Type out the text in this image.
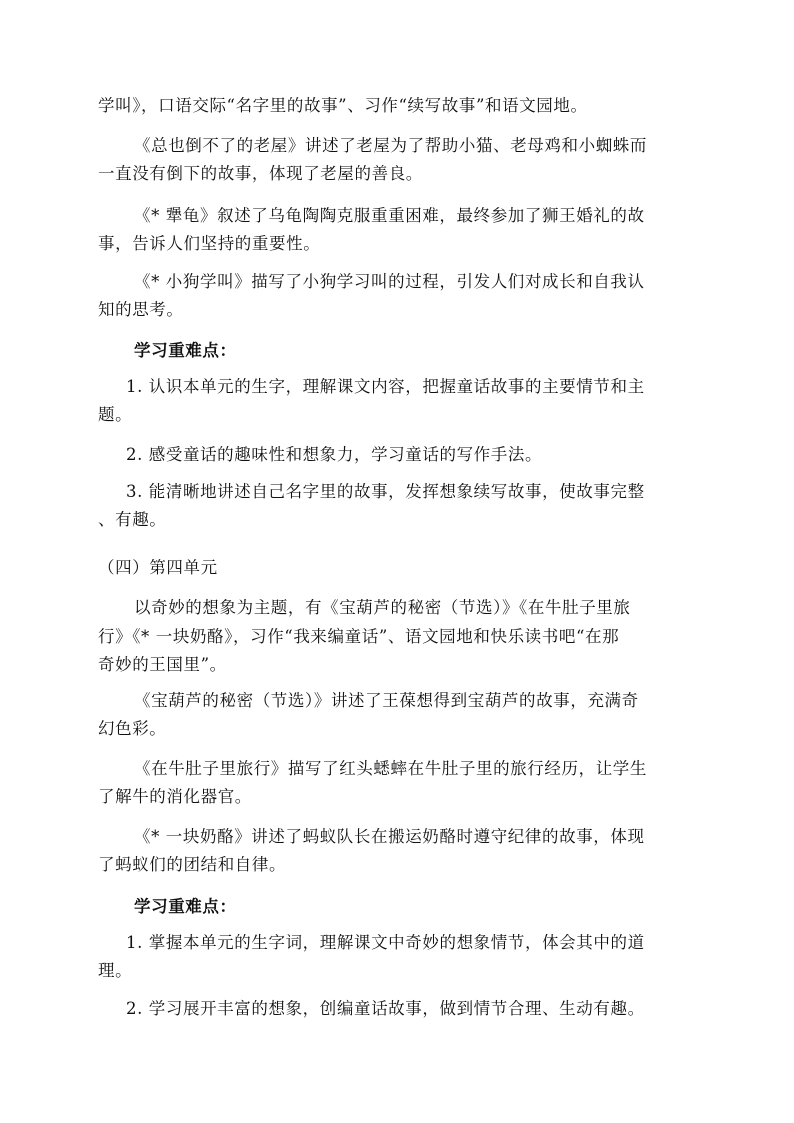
学叫》，口语交际“名字里的故事”、习作“续写故事”和语文园地。
《总也倒不了的老屋》讲述了老屋为了帮助小猫、老母鸡和小蜘蛛而
一直没有倒下的故事，体现了老屋的善良。
《* 犟龟》叙述了乌龟陶陶克服重重困难，最终参加了狮王婚礼的故
事，告诉人们坚持的重要性。
《* 小狗学叫》描写了小狗学习叫的过程，引发人们对成长和自我认
知的思考。
学习重难点：
1. 认识本单元的生字，理解课文内容，把握童话故事的主要情节和主
题。
2. 感受童话的趣味性和想象力，学习童话的写作手法。
3. 能清晰地讲述自己名字里的故事，发挥想象续写故事，使故事完整
、有趣。
（四）第四单元
以奇妙的想象为主题，有《宝葫芦的秘密（节选）》《在牛肚子里旅
行》《* 一块奶酪》，习作“我来编童话”、语文园地和快乐读书吧“在那
奇妙的王国里”。
《宝葫芦的秘密（节选）》讲述了王葆想得到宝葫芦的故事，充满奇
幻色彩。
《在牛肚子里旅行》描写了红头蟋蟀在牛肚子里的旅行经历，让学生
了解牛的消化器官。
《* 一块奶酪》讲述了蚂蚁队长在搬运奶酪时遵守纪律的故事，体现
了蚂蚁们的团结和自律。
学习重难点：
1. 掌握本单元的生字词，理解课文中奇妙的想象情节，体会其中的道
理。
2. 学习展开丰富的想象，创编童话故事，做到情节合理、生动有趣。
